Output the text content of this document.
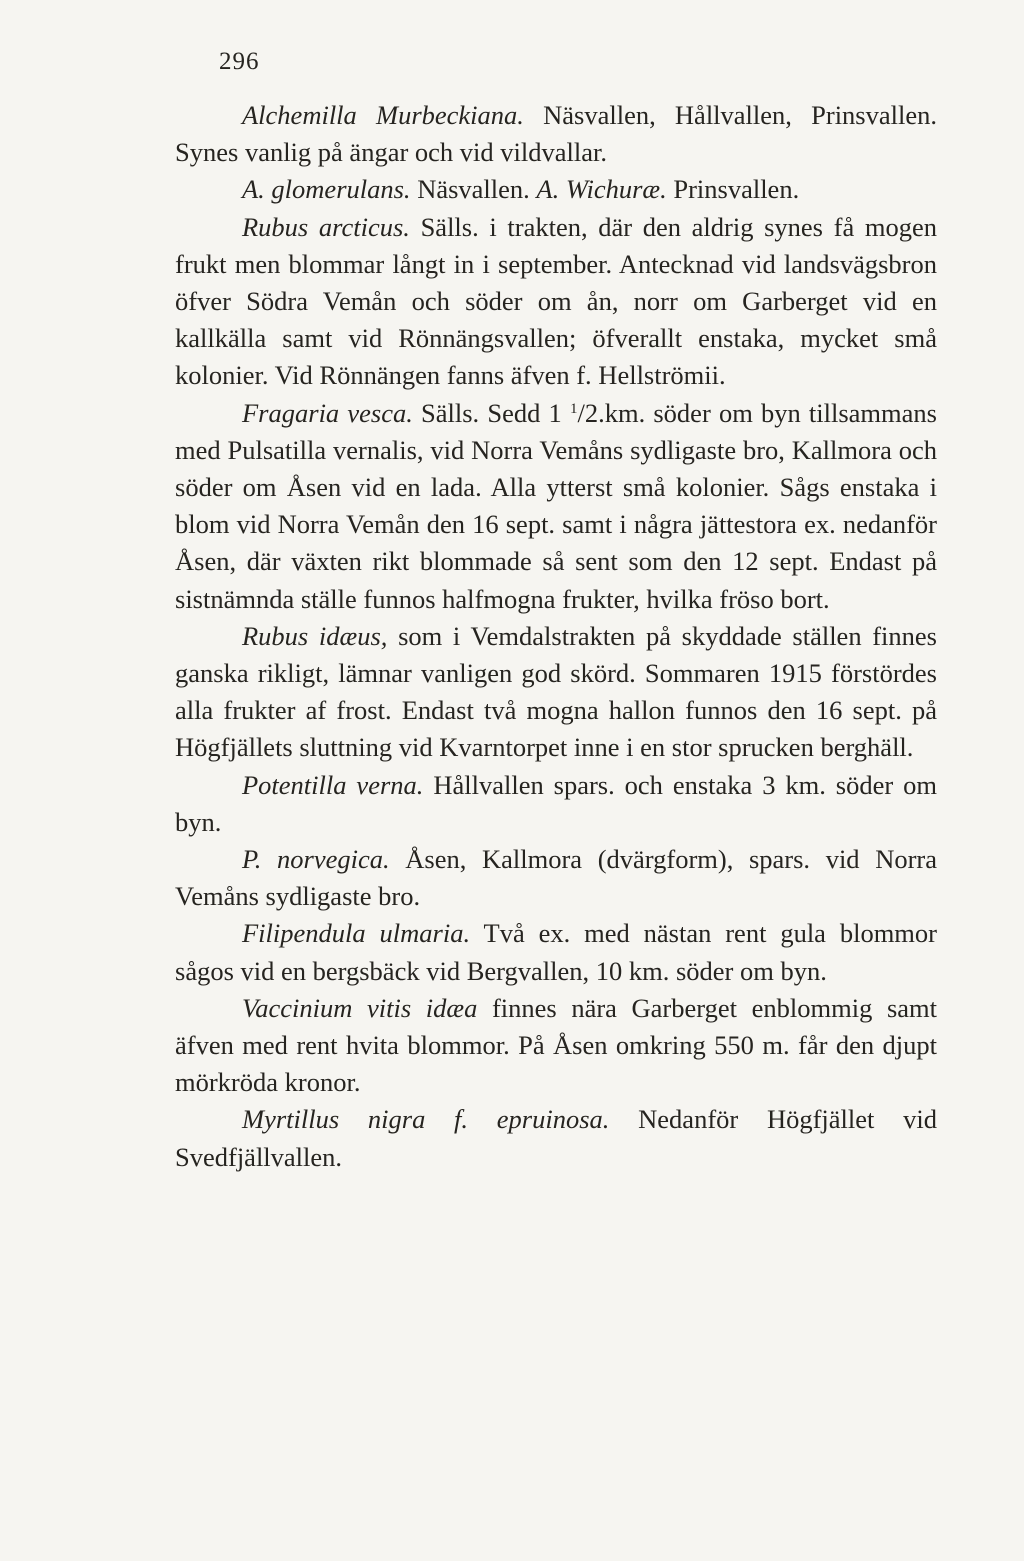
296

Alchemilla Murbeckiana. Näsvallen, Hållvallen, Prinsvallen. Synes vanlig på ängar och vid vildvallar.

A. glomerulans. Näsvallen. A. Wichuræ. Prinsvallen.

Rubus arcticus. Sälls. i trakten, där den aldrig synes få mogen frukt men blommar långt in i september. Antecknad vid landsvägsbron öfver Södra Vemån och söder om ån, norr om Garberget vid en kallkälla samt vid Rönnängsvallen; öfverallt enstaka, mycket små kolonier. Vid Rönnängen fanns äfven f. Hellströmii.

Fragaria vesca. Sälls. Sedd 1 $^1$/2.km. söder om byn tillsammans med Pulsatilla vernalis, vid Norra Vemåns sydligaste bro, Kallmora och söder om Åsen vid en lada. Alla ytterst små kolonier. Sågs enstaka i blom vid Norra Vemån den 16 sept. samt i några jättestora ex. nedanför Åsen, där växten rikt blommade så sent som den 12 sept. Endast på sistnämnda ställe funnos halfmogna frukter, hvilka fröso bort.

Rubus idæus, som i Vemdalstrakten på skyddade ställen finnes ganska rikligt, lämnar vanligen god skörd. Sommaren 1915 förstördes alla frukter af frost. Endast två mogna hallon funnos den 16 sept. på Högfjällets sluttning vid Kvarntorpet inne i en stor sprucken berghäll.

Potentilla verna. Hållvallen spars. och enstaka 3 km. söder om byn.

P. norvegica. Åsen, Kallmora (dvärgform), spars. vid Norra Vemåns sydligaste bro.

Filipendula ulmaria. Två ex. med nästan rent gula blommor sågos vid en bergsbäck vid Bergvallen, 10 km. söder om byn.

Vaccinium vitis idæa finnes nära Garberget enblommig samt äfven med rent hvita blommor. På Åsen omkring 550 m. får den djupt mörkröda kronor.

Myrtillus nigra f. epruinosa. Nedanför Högfjället vid Svedfjällvallen.
